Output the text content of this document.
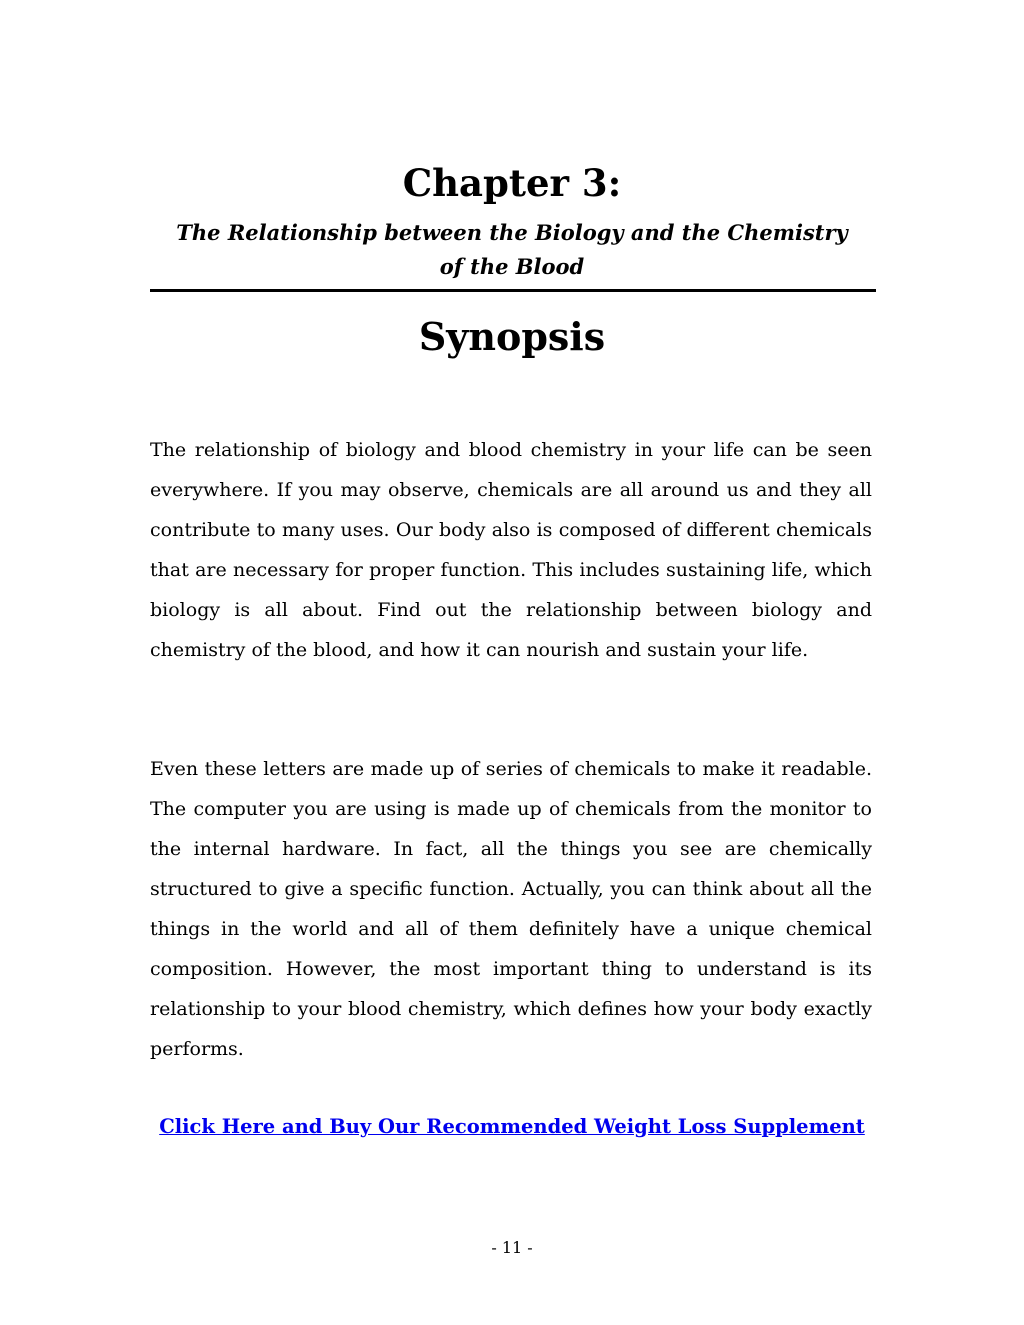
Chapter 3:
The Relationship between the Biology and the Chemistry
of the Blood
Synopsis

The relationship of biology and blood chemistry in your life can be seen everywhere. If you may observe, chemicals are all around us and they all contribute to many uses. Our body also is composed of different chemicals that are necessary for proper function. This includes sustaining life, which biology is all about. Find out the relationship between biology and chemistry of the blood, and how it can nourish and sustain your life.

Even these letters are made up of series of chemicals to make it readable. The computer you are using is made up of chemicals from the monitor to the internal hardware. In fact, all the things you see are chemically structured to give a specific function. Actually, you can think about all the things in the world and all of them definitely have a unique chemical composition. However, the most important thing to understand is its relationship to your blood chemistry, which defines how your body exactly performs.

Click Here and Buy Our Recommended Weight Loss Supplement
- 11 -
